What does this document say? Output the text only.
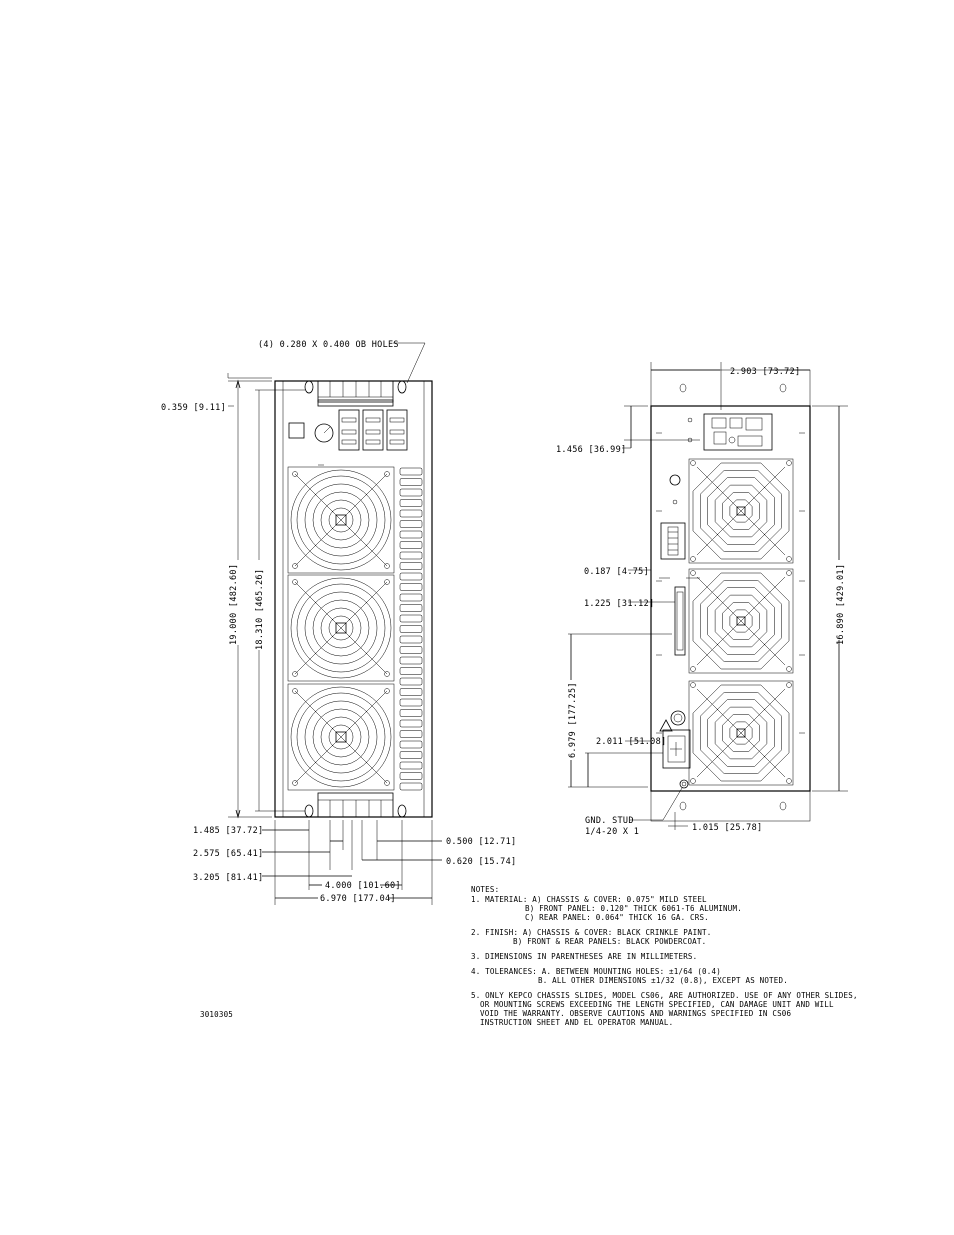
(4) 0.280 X 0.400 OB HOLES
0.359 [9.11]
19.000 [482.60] 18.310 [465.26]
1.485 [37.72]
2.575 [65.41]
3.205 [81.41]
0.500 [12.71]
0.620 [15.74]
4.000 [101.60]
6.970 [177.04]
2.903 [73.72]
1.456 [36.99]
16.890 [429.01]
0.187 [4.75]
1.225 [31.12]
6.979 [177.25] 2.011 [51.08]
GND. STUD
1/4-20 X 1	1.015 [25.78]
NOTES:
1. MATERIAL: A) CHASSIS & COVER: 0.075" MILD STEEL
B) FRONT PANEL: 0.120" THICK 6061-T6 ALUMINUM.
C) REAR PANEL: 0.064" THICK 16 GA. CRS.
2. FINISH: A) CHASSIS & COVER: BLACK CRINKLE PAINT.
B) FRONT & REAR PANELS: BLACK POWDERCOAT.
3. DIMENSIONS IN PARENTHESES ARE IN MILLIMETERS.
4. TOLERANCES: A. BETWEEN MOUNTING HOLES: ±1/64 (0.4)
B. ALL OTHER DIMENSIONS ±1/32 (0.8), EXCEPT AS NOTED.
5. ONLY KEPCO CHASSIS SLIDES, MODEL CS06, ARE AUTHORIZED. USE OF ANY OTHER SLIDES,
OR MOUNTING SCREWS EXCEEDING THE LENGTH SPECIFIED, CAN DAMAGE UNIT AND WILL
VOID THE WARRANTY. OBSERVE CAUTIONS AND WARNINGS SPECIFIED IN CS06
INSTRUCTION SHEET AND EL OPERATOR MANUAL.
3010305
